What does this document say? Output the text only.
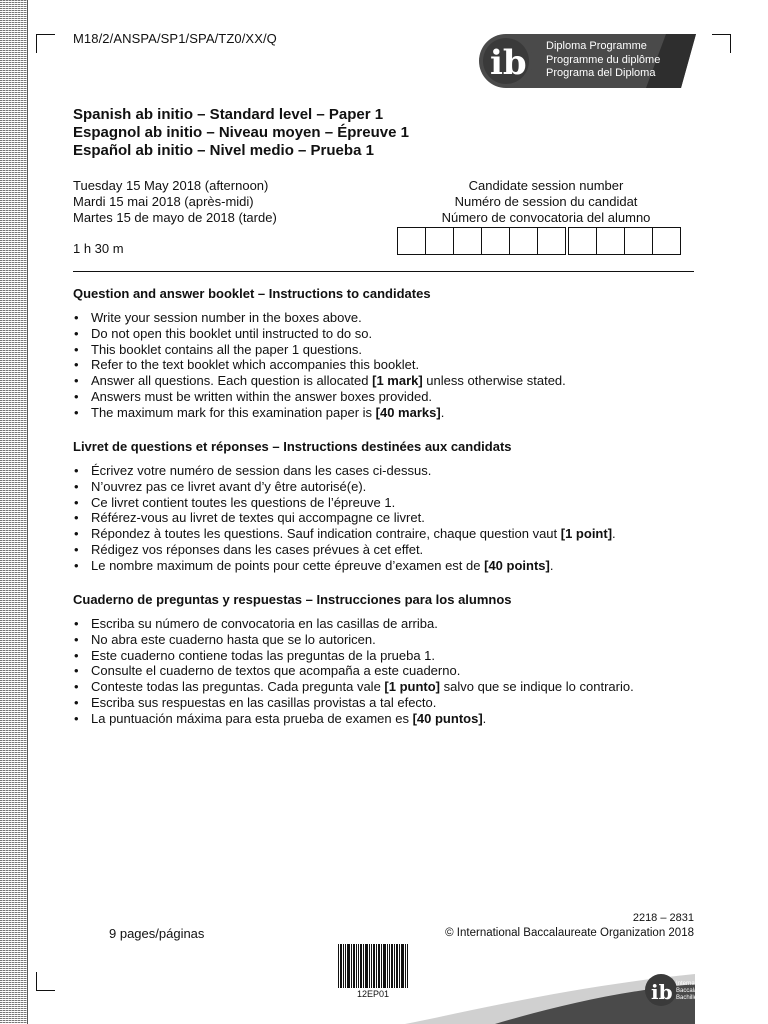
M18/2/ANSPA/SP1/SPA/TZ0/XX/Q
ib Diploma Programme
Programme du diplôme
Programa del Diploma
Spanish ab initio – Standard level – Paper 1
Espagnol ab initio – Niveau moyen – Épreuve 1
Español ab initio – Nivel medio – Prueba 1
Tuesday 15 May 2018 (afternoon)
Mardi 15 mai 2018 (après-midi)
Martes 15 de mayo de 2018 (tarde)
1 h 30 m
Candidate session number
Numéro de session du candidat
Número de convocatoria del alumno
Question and answer booklet – Instructions to candidates
• Write your session number in the boxes above.
• Do not open this booklet until instructed to do so.
• This booklet contains all the paper 1 questions.
• Refer to the text booklet which accompanies this booklet.
• Answer all questions. Each question is allocated [1 mark] unless otherwise stated.
• Answers must be written within the answer boxes provided.
• The maximum mark for this examination paper is [40 marks].
Livret de questions et réponses – Instructions destinées aux candidats
• Écrivez votre numéro de session dans les cases ci-dessus.
• N’ouvrez pas ce livret avant d’y être autorisé(e).
• Ce livret contient toutes les questions de l’épreuve 1.
• Référez-vous au livret de textes qui accompagne ce livret.
• Répondez à toutes les questions. Sauf indication contraire, chaque question vaut [1 point].
• Rédigez vos réponses dans les cases prévues à cet effet.
• Le nombre maximum de points pour cette épreuve d’examen est de [40 points].
Cuaderno de preguntas y respuestas – Instrucciones para los alumnos
• Escriba su número de convocatoria en las casillas de arriba.
• No abra este cuaderno hasta que se lo autoricen.
• Este cuaderno contiene todas las preguntas de la prueba 1.
• Consulte el cuaderno de textos que acompaña a este cuaderno.
• Conteste todas las preguntas. Cada pregunta vale [1 punto] salvo que se indique lo contrario.
• Escriba sus respuestas en las casillas provistas a tal efecto.
• La puntuación máxima para esta prueba de examen es [40 puntos].
9 pages/páginas
2218 – 2831
© International Baccalaureate Organization 2018
12EP01	ib International Baccalaureate
Baccalauréat International
Bachillerato Internacional
